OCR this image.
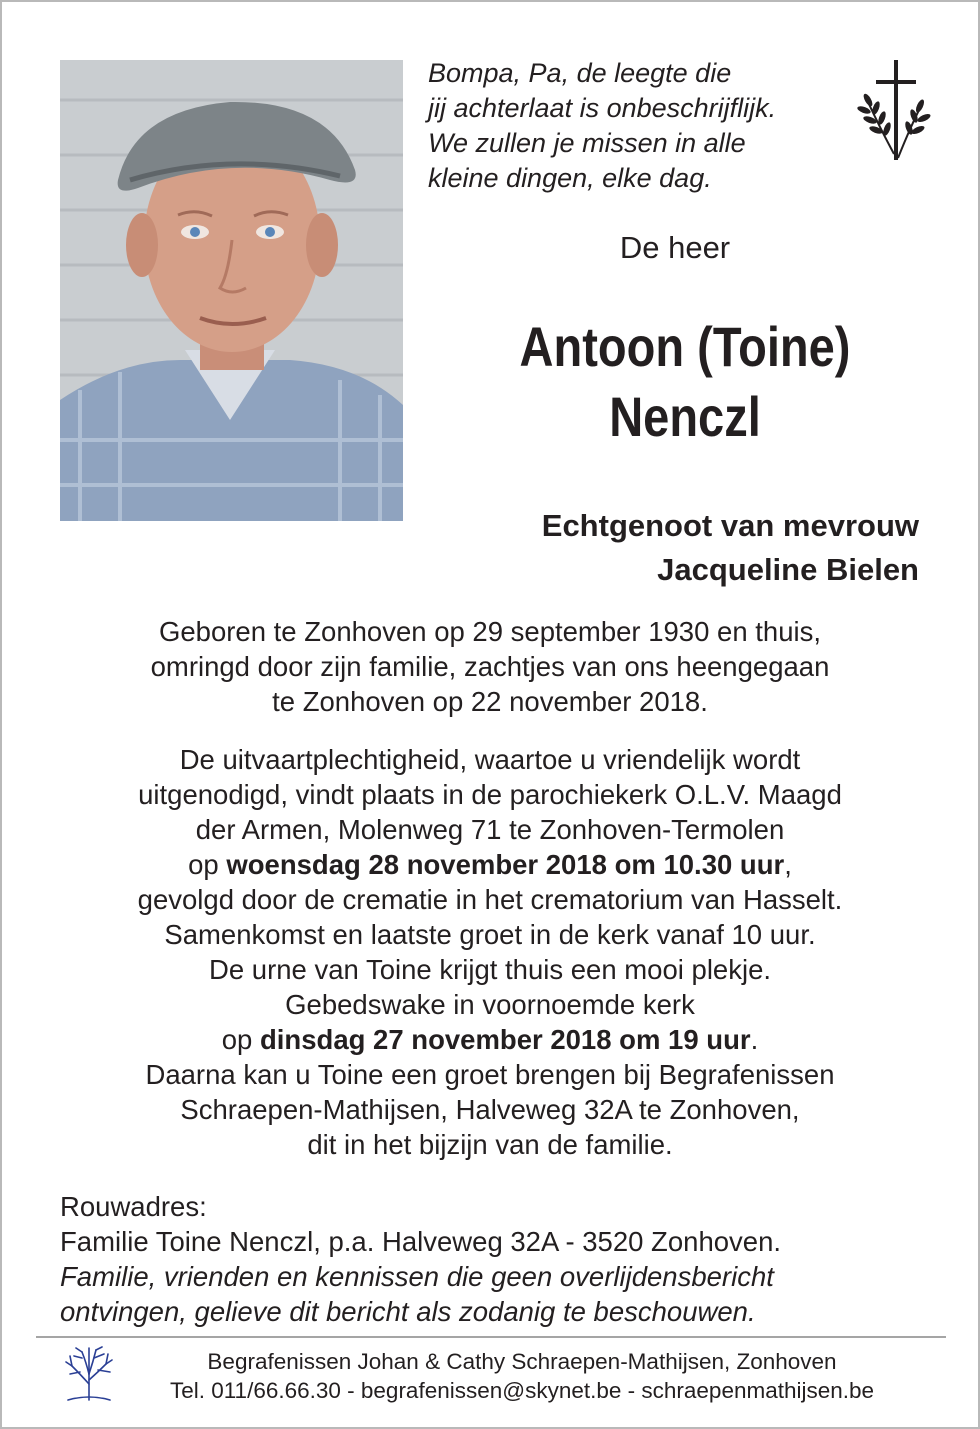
Bompa, Pa, de leegte die
jij achterlaat is onbeschrijflijk.
We zullen je missen in alle
kleine dingen, elke dag.
De heer
Antoon (Toine)
Nenczl
Echtgenoot van mevrouw
Jacqueline Bielen
Geboren te Zonhoven op 29 september 1930 en thuis,
omringd door zijn familie, zachtjes van ons heengegaan
te Zonhoven op 22 november 2018.
De uitvaartplechtigheid, waartoe u vriendelijk wordt
uitgenodigd, vindt plaats in de parochiekerk O.L.V. Maagd
der Armen, Molenweg 71 te Zonhoven-Termolen
op woensdag 28 november 2018 om 10.30 uur,
gevolgd door de crematie in het crematorium van Hasselt.
Samenkomst en laatste groet in de kerk vanaf 10 uur.
De urne van Toine krijgt thuis een mooi plekje.
Gebedswake in voornoemde kerk
op dinsdag 27 november 2018 om 19 uur.
Daarna kan u Toine een groet brengen bij Begrafenissen
Schraepen-Mathijsen, Halveweg 32A te Zonhoven,
dit in het bijzijn van de familie.
Rouwadres:
Familie Toine Nenczl, p.a. Halveweg 32A - 3520 Zonhoven.
Familie, vrienden en kennissen die geen overlijdensbericht
ontvingen, gelieve dit bericht als zodanig te beschouwen.
Begrafenissen Johan & Cathy Schraepen-Mathijsen, Zonhoven
Tel. 011/66.66.30 - begrafenissen@skynet.be - schraepenmathijsen.be
